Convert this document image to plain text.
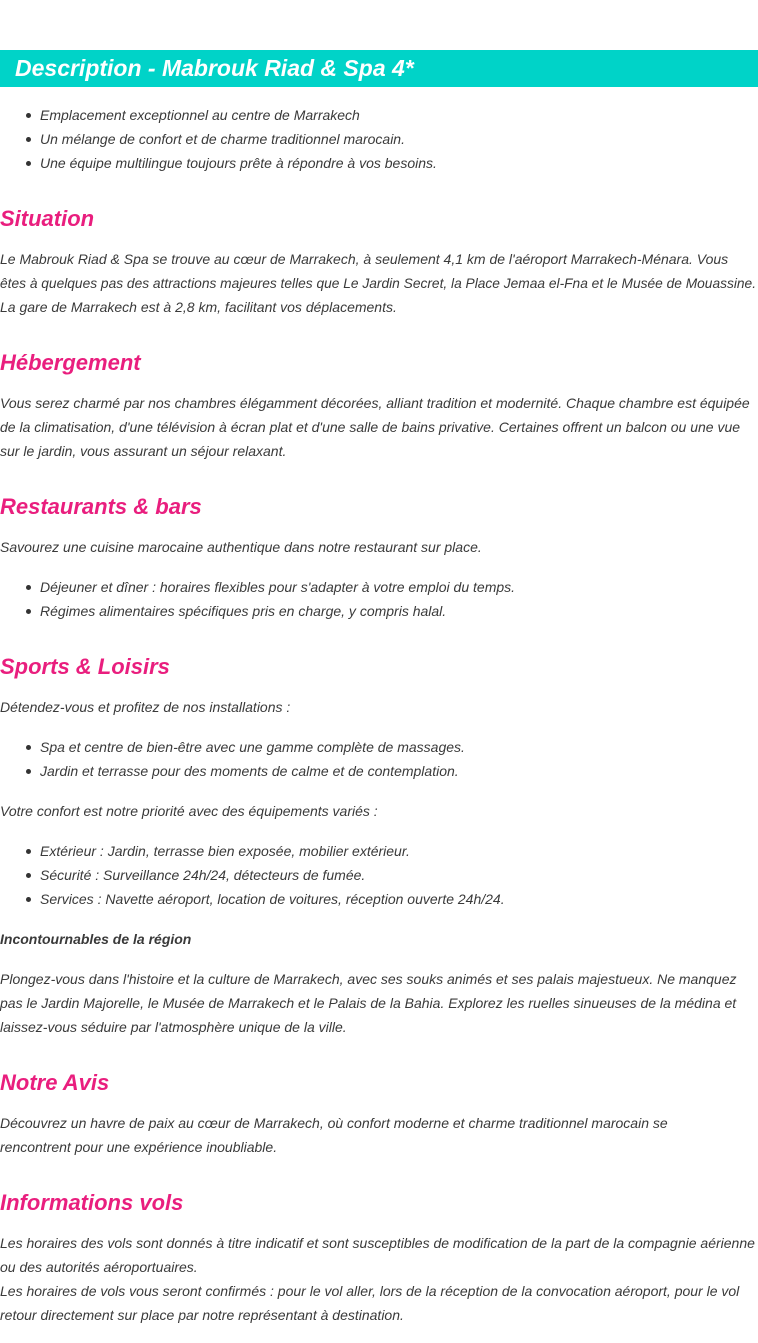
Description - Mabrouk Riad & Spa 4*
Emplacement exceptionnel au centre de Marrakech
Un mélange de confort et de charme traditionnel marocain.
Une équipe multilingue toujours prête à répondre à vos besoins.
Situation

Le Mabrouk Riad & Spa se trouve au cœur de Marrakech, à seulement 4,1 km de l'aéroport Marrakech-Ménara. Vous

êtes à quelques pas des attractions majeures telles que Le Jardin Secret, la Place Jemaa el-Fna et le Musée de Mouassine.

La gare de Marrakech est à 2,8 km, facilitant vos déplacements.

Hébergement

Vous serez charmé par nos chambres élégamment décorées, alliant tradition et modernité. Chaque chambre est équipée

de la climatisation, d'une télévision à écran plat et d'une salle de bains privative. Certaines offrent un balcon ou une vue

sur le jardin, vous assurant un séjour relaxant.

Restaurants & bars

Savourez une cuisine marocaine authentique dans notre restaurant sur place.

Déjeuner et dîner : horaires flexibles pour s'adapter à votre emploi du temps.
Régimes alimentaires spécifiques pris en charge, y compris halal.
Sports & Loisirs

Détendez-vous et profitez de nos installations :

Spa et centre de bien-être avec une gamme complète de massages.
Jardin et terrasse pour des moments de calme et de contemplation.

Votre confort est notre priorité avec des équipements variés :

Extérieur : Jardin, terrasse bien exposée, mobilier extérieur.
Sécurité : Surveillance 24h/24, détecteurs de fumée.
Services : Navette aéroport, location de voitures, réception ouverte 24h/24.

Incontournables de la région

Plongez-vous dans l'histoire et la culture de Marrakech, avec ses souks animés et ses palais majestueux. Ne manquez

pas le Jardin Majorelle, le Musée de Marrakech et le Palais de la Bahia. Explorez les ruelles sinueuses de la médina et

laissez-vous séduire par l'atmosphère unique de la ville.

Notre Avis

Découvrez un havre de paix au cœur de Marrakech, où confort moderne et charme traditionnel marocain se

rencontrent pour une expérience inoubliable.

Informations vols

Les horaires des vols sont donnés à titre indicatif et sont susceptibles de modification de la part de la compagnie aérienne

ou des autorités aéroportuaires.

Les horaires de vols vous seront confirmés : pour le vol aller, lors de la réception de la convocation aéroport, pour le vol

retour directement sur place par notre représentant à destination.
